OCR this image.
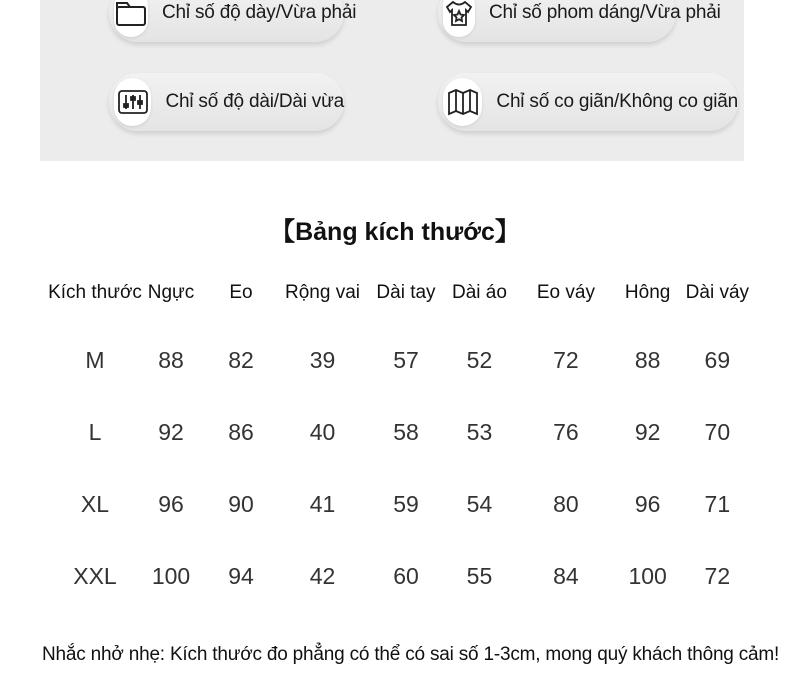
Chỉ số độ dày/Vừa phải	Chỉ số phom dáng/Vừa phải
Chỉ số độ dài/Dài vừa	Chỉ số co giãn/Không co giãn
【Bảng kích thước】
Kích thước	Ngực	Eo	Rộng vai	Dài tay	Dài áo	Eo váy	Hông	Dài váy
M	88	82	39	57	52	72	88	69
L	92	86	40	58	53	76	92	70
XL	96	90	41	59	54	80	96	71
XXL	100	94	42	60	55	84	100	72
Nhắc nhở nhẹ: Kích thước đo phẳng có thể có sai số 1-3cm, mong quý khách thông cảm!
